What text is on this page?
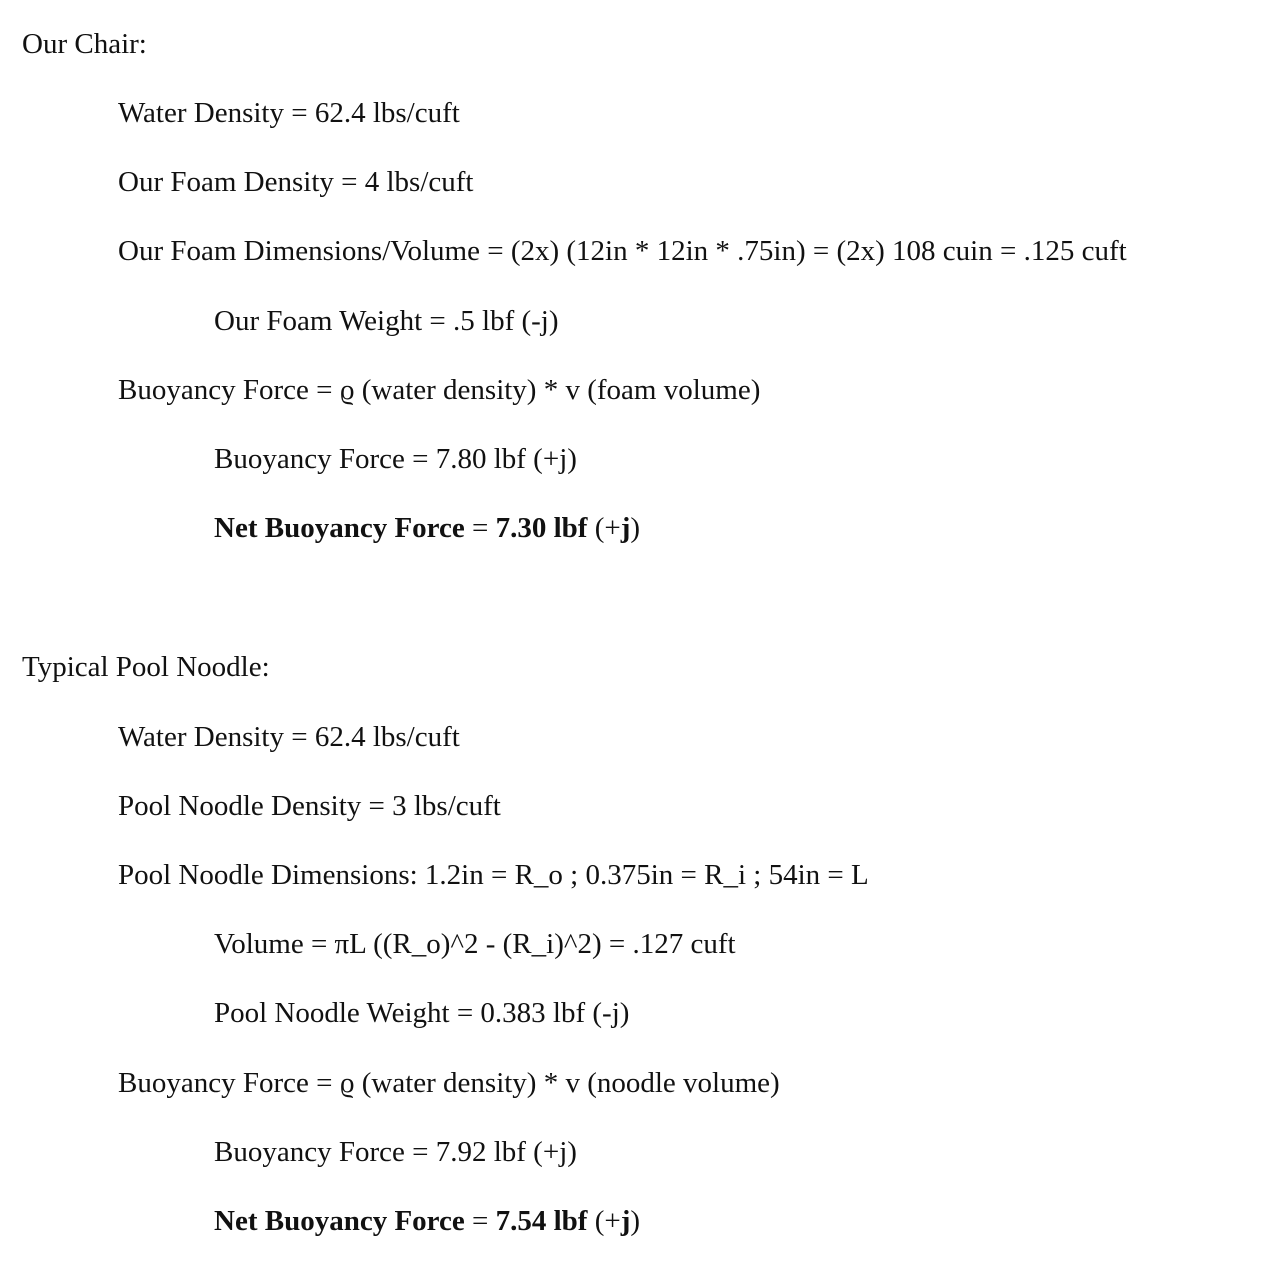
Our Chair:

Water Density = 62.4 lbs/cuft

Our Foam Density = 4 lbs/cuft

Our Foam Dimensions/Volume = (2x) (12in * 12in * .75in) = (2x) 108 cuin = .125 cuft

Our Foam Weight = .5 lbf (-j)

Buoyancy Force = ϱ (water density) * v (foam volume)

Buoyancy Force = 7.80 lbf (+j)

Net Buoyancy Force = 7.30 lbf (+j)

Typical Pool Noodle:

Water Density = 62.4 lbs/cuft

Pool Noodle Density = 3 lbs/cuft

Pool Noodle Dimensions: 1.2in = R_o ; 0.375in = R_i ; 54in = L

Volume = πL ((R_o)^2 - (R_i)^2) = .127 cuft

Pool Noodle Weight = 0.383 lbf (-j)

Buoyancy Force = ϱ (water density) * v (noodle volume)

Buoyancy Force = 7.92 lbf (+j)

Net Buoyancy Force = 7.54 lbf (+j)
